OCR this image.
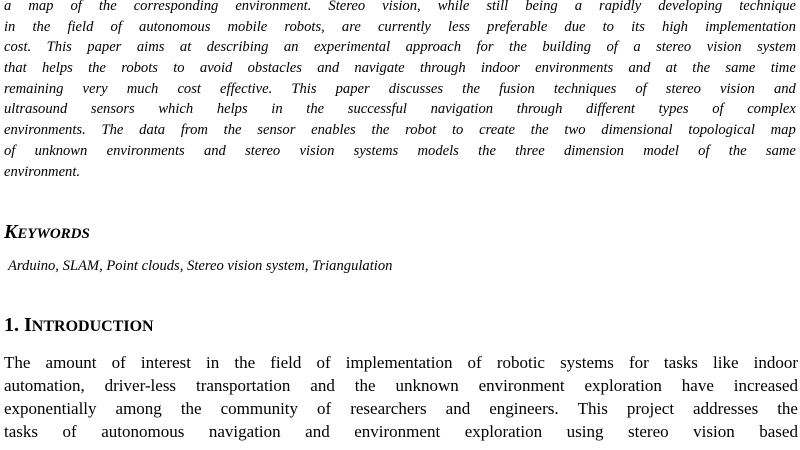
a map of the corresponding environment. Stereo vision, while still being a rapidly developing technique
in the field of autonomous mobile robots, are currently less preferable due to its high implementation
cost. This paper aims at describing an experimental approach for the building of a stereo vision system
that helps the robots to avoid obstacles and navigate through indoor environments and at the same time
remaining very much cost effective. This paper discusses the fusion techniques of stereo vision and
ultrasound sensors which helps in the successful navigation through different types of complex
environments. The data from the sensor enables the robot to create the two dimensional topological map
of unknown environments and stereo vision systems models the three dimension model of the same
environment.
KEYWORDS
Arduino, SLAM, Point clouds, Stereo vision system, Triangulation
1. INTRODUCTION
The amount of interest in the field of implementation of robotic systems for tasks like indoor
automation, driver-less transportation and the unknown environment exploration have increased
exponentially among the community of researchers and engineers. This project addresses the
tasks of autonomous navigation and environment exploration using stereo vision based
